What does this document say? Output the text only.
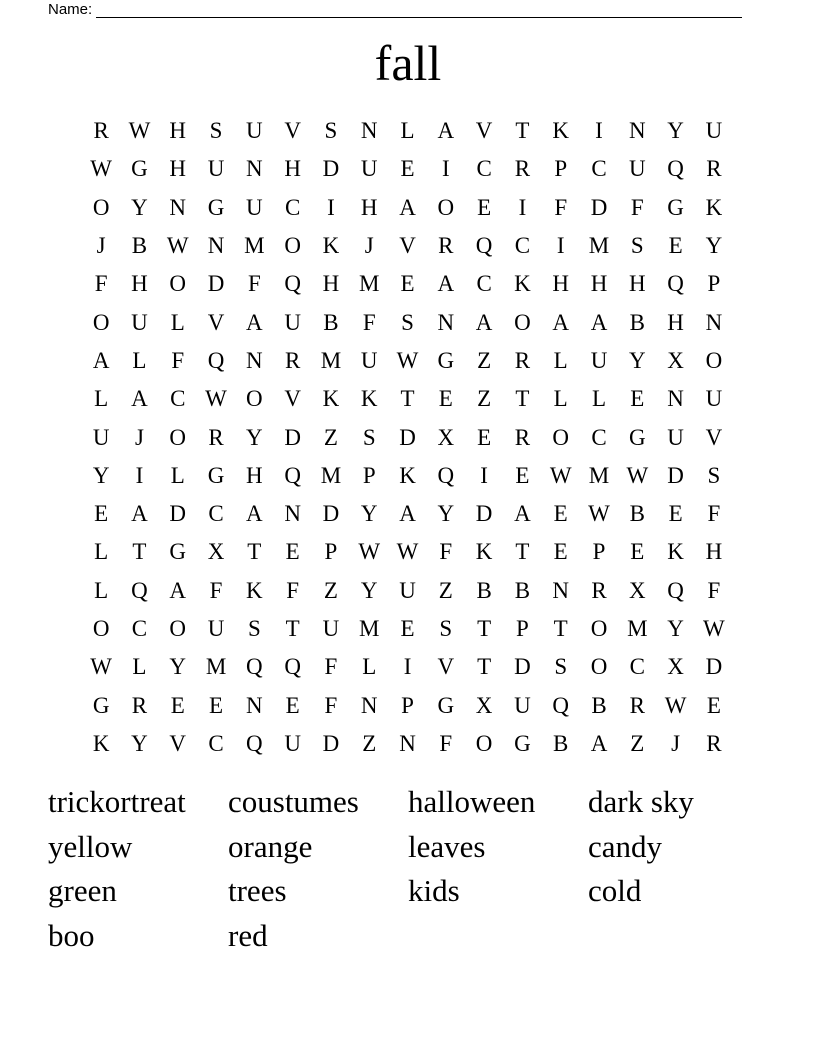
Name:
fall
R W H	S	U V	S	N L A V T K	I	N Y U
W G H U N H D U E	I	C R	P	C U Q R
O Y N G U C	I	H A O E	I	F	D	F	G K
J	B W N M O K	J	V R Q C	I	M S	E Y
F	H O D	F	Q H M E A C K H H H Q	P
O U L V A U B	F	S	N A O A A B H N
A L	F	Q N R M U W G Z	R	L U Y X O
L A C W O V K K T	E	Z	T	L	L	E N U
U	J	O R Y D Z	S	D X E	R O C G U V
Y	I	L G H Q M P	K Q	I	E W M W D	S
E A D C A N D Y A Y D A E W B	E	F
L	T G X T	E	P W W F	K T	E	P	E K H
L Q A	F	K	F	Z Y U Z	B B N R X Q	F
O C O U	S	T U M E	S	T	P	T O M Y W
W L Y M Q Q	F	L	I	V T D	S	O C X D
G R	E	E N E	F	N	P	G X U Q B R W E
K Y V C Q U D Z N	F	O G B A Z	J	R
trickortreat	coustumes	halloween	dark sky
yellow	orange	leaves	candy
green	trees	kids	cold
boo	red
